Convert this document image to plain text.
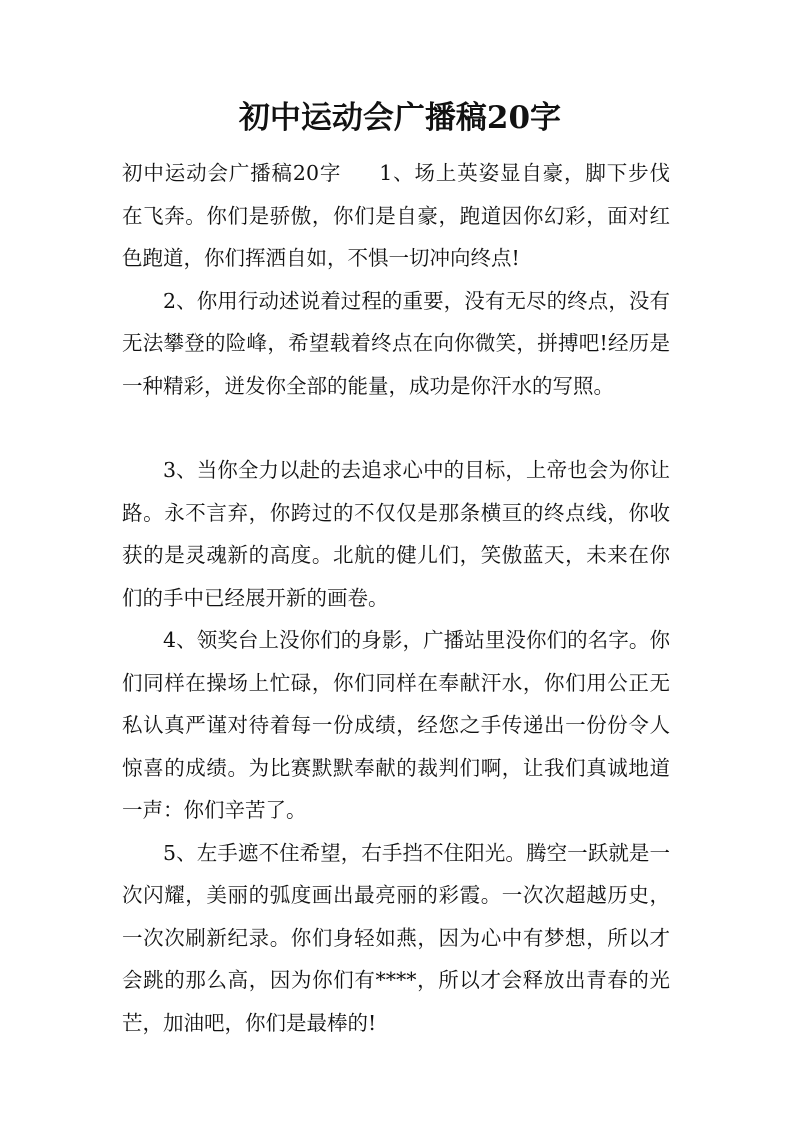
初中运动会广播稿20字

初中运动会广播稿20字 1、场上英姿显自豪，脚下步伐在飞奔。你们是骄傲，你们是自豪，跑道因你幻彩，面对红色跑道，你们挥洒自如，不惧一切冲向终点!

2、你用行动述说着过程的重要，没有无尽的终点，没有无法攀登的险峰，希望载着终点在向你微笑，拼搏吧!经历是一种精彩，迸发你全部的能量，成功是你汗水的写照。

3、当你全力以赴的去追求心中的目标，上帝也会为你让路。永不言弃，你跨过的不仅仅是那条横亘的终点线，你收获的是灵魂新的高度。北航的健儿们，笑傲蓝天，未来在你们的手中已经展开新的画卷。

4、领奖台上没你们的身影，广播站里没你们的名字。你们同样在操场上忙碌，你们同样在奉献汗水，你们用公正无私认真严谨对待着每一份成绩，经您之手传递出一份份令人惊喜的成绩。为比赛默默奉献的裁判们啊，让我们真诚地道一声：你们辛苦了。

5、左手遮不住希望，右手挡不住阳光。腾空一跃就是一次闪耀，美丽的弧度画出最亮丽的彩霞。一次次超越历史，一次次刷新纪录。你们身轻如燕，因为心中有梦想，所以才会跳的那么高，因为你们有****，所以才会释放出青春的光芒，加油吧，你们是最棒的!
